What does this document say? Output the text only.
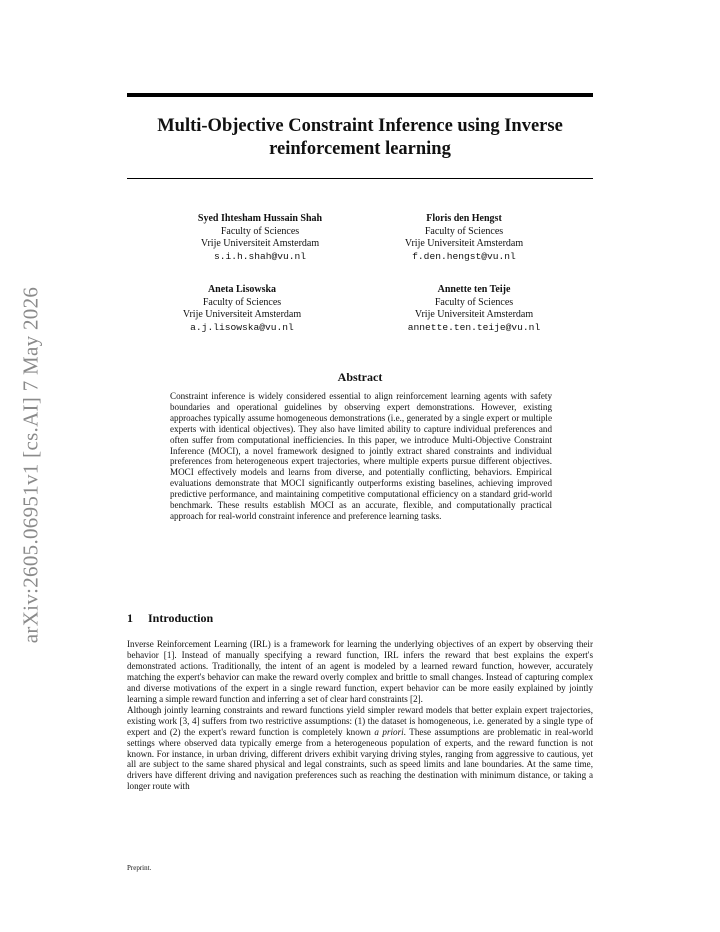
arXiv:2605.06951v1 [cs.AI] 7 May 2026
Multi-Objective Constraint Inference using Inverse
reinforcement learning
Syed Ihtesham Hussain Shah
Faculty of Sciences
Vrije Universiteit Amsterdam
s.i.h.shah@vu.nl
Floris den Hengst
Faculty of Sciences
Vrije Universiteit Amsterdam
f.den.hengst@vu.nl
Aneta Lisowska
Faculty of Sciences
Vrije Universiteit Amsterdam
a.j.lisowska@vu.nl
Annette ten Teije
Faculty of Sciences
Vrije Universiteit Amsterdam
annette.ten.teije@vu.nl
Abstract
Constraint inference is widely considered essential to align reinforcement learning agents with safety boundaries and operational guidelines by observing expert demonstrations. However, existing approaches typically assume homogeneous demonstrations (i.e., generated by a single expert or multiple experts with identical objectives). They also have limited ability to capture individual preferences and often suffer from computational inefficiencies. In this paper, we introduce Multi-Objective Constraint Inference (MOCI), a novel framework designed to jointly extract shared constraints and individual preferences from heterogeneous expert trajectories, where multiple experts pursue different objectives. MOCI effectively models and learns from diverse, and potentially conflicting, behaviors. Empirical evaluations demonstrate that MOCI significantly outperforms existing baselines, achieving improved predictive performance, and maintaining competitive computational efficiency on a standard grid-world benchmark. These results establish MOCI as an accurate, flexible, and computationally practical approach for real-world constraint inference and preference learning tasks.
1 Introduction

Inverse Reinforcement Learning (IRL) is a framework for learning the underlying objectives of an expert by observing their behavior [1]. Instead of manually specifying a reward function, IRL infers the reward that best explains the expert's demonstrated actions. Traditionally, the intent of an agent is modeled by a learned reward function, however, accurately matching the expert's behavior can make the reward overly complex and brittle to small changes. Instead of capturing complex and diverse motivations of the expert in a single reward function, expert behavior can be more easily explained by jointly learning a simple reward function and inferring a set of clear hard constraints [2].

Although jointly learning constraints and reward functions yield simpler reward models that better explain expert trajectories, existing work [3, 4] suffers from two restrictive assumptions: (1) the dataset is homogeneous, i.e. generated by a single type of expert and (2) the expert's reward function is completely known a priori. These assumptions are problematic in real-world settings where observed data typically emerge from a heterogeneous population of experts, and the reward function is not known. For instance, in urban driving, different drivers exhibit varying driving styles, ranging from aggressive to cautious, yet all are subject to the same shared physical and legal constraints, such as speed limits and lane boundaries. At the same time, drivers have different driving and navigation preferences such as reaching the destination with minimum distance, or taking a longer route with

Preprint.
